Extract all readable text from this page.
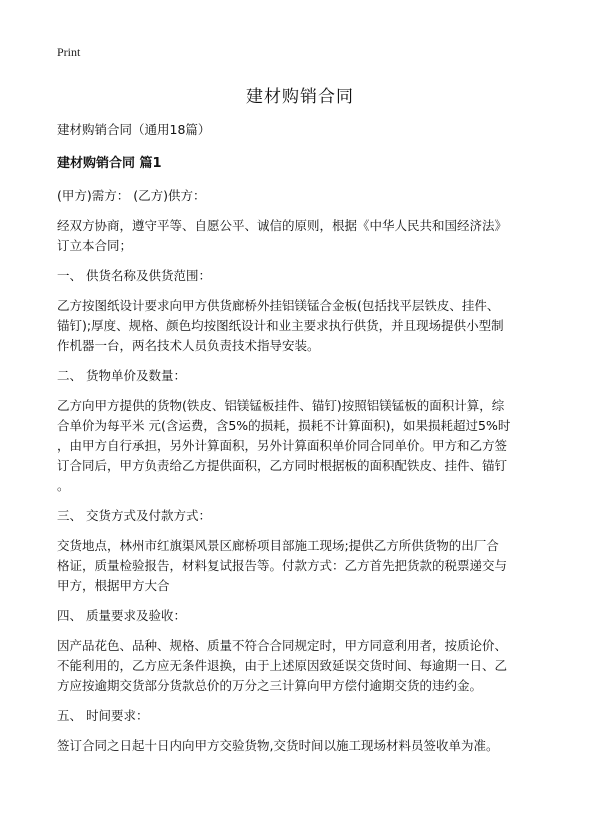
Print
建材购销合同

建材购销合同（通用18篇）

建材购销合同 篇1

(甲方)需方： (乙方)供方：

经双方协商，遵守平等、自愿公平、诚信的原则，根据《中华人民共和国经济法》
订立本合同；

一、 供货名称及供货范围：

乙方按图纸设计要求向甲方供货廊桥外挂铝镁锰合金板(包括找平层铁皮、挂件、
锚钉);厚度、规格、颜色均按图纸设计和业主要求执行供货，并且现场提供小型制
作机器一台，两名技术人员负责技术指导安装。

二、 货物单价及数量：

乙方向甲方提供的货物(铁皮、铝镁锰板挂件、锚钉)按照铝镁锰板的面积计算，综
合单价为每平米 元(含运费，含5%的损耗，损耗不计算面积)，如果损耗超过5%时
，由甲方自行承担，另外计算面积，另外计算面积单价同合同单价。甲方和乙方签
订合同后，甲方负责给乙方提供面积，乙方同时根据板的面积配铁皮、挂件、锚钉
。

三、 交货方式及付款方式：

交货地点，林州市红旗渠风景区廊桥项目部施工现场;提供乙方所供货物的出厂合
格证，质量检验报告，材料复试报告等。付款方式：乙方首先把货款的税票递交与
甲方，根据甲方大合

四、 质量要求及验收：

因产品花色、品种、规格、质量不符合合同规定时，甲方同意利用者，按质论价、
不能利用的，乙方应无条件退换，由于上述原因致延误交货时间、每逾期一日、乙
方应按逾期交货部分货款总价的万分之三计算向甲方偿付逾期交货的违约金。

五、 时间要求：

签订合同之日起十日内向甲方交验货物,交货时间以施工现场材料员签收单为准。
